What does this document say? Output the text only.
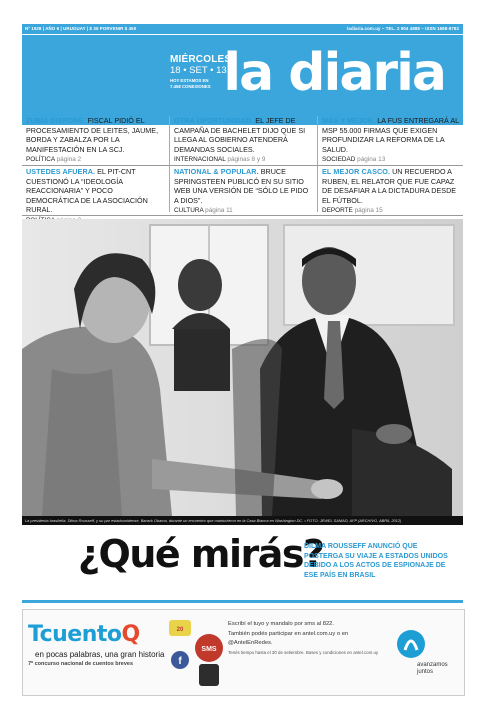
Nº 1928 | AÑO 6 | URUGUAY | $ 35 PORVENIR $ 450	ladiaria.com.uy – TEL. 2 904 4888 – ISSN 1688-8782
MIÉRCOLES
18 • SET • 13
HOY ESTAMOS EN
7.458 CONEXIONES la diaria
ZUBÍA DISPONE. FISCAL PIDIÓ EL PROCESAMIENTO DE LEITES, JAUME, BORDA Y ZABALZA POR LA MANIFESTACIÓN EN LA SCJ.
POLÍTICA página 2
OTRA OPORTUNIDAD. EL JEFE DE CAMPAÑA DE BACHELET DIJO QUE SI LLEGA AL GOBIERNO ATENDERÁ DEMANDAS SOCIALES.
INTERNACIONAL páginas 8 y 9
MÁS Y MEJOR. LA FUS ENTREGARÁ AL MSP 55.000 FIRMAS QUE EXIGEN PROFUNDIZAR LA REFORMA DE LA SALUD.
SOCIEDAD página 13
USTEDES AFUERA. EL PIT-CNT CUESTIONÓ LA “IDEOLOGÍA REACCIONARIA” Y POCO DEMOCRÁTICA DE LA ASOCIACIÓN RURAL.
NATIONAL & POPULAR. BRUCE SPRINGSTEEN PUBLICÓ EN SU SITIO WEB UNA VERSIÓN DE “SÓLO LE PIDO A DIOS”.
CULTURA página 11
EL MEJOR CASCO. UN RECUERDO A RUBEN, EL RELATOR QUE FUE CAPAZ DE DESAFIAR A LA DICTADURA DESDE EL FÚTBOL.
DEPORTE página 15
La presidenta brasileña, Dilma Rousseff, y su par estadounidense, Barack Obama, durante un encuentro que mantuvieron en la Casa Blanca en Washington DC. • FOTO: JEWEL SAMAD, AFP (ARCHIVO, ABRIL 2012)
¿Qué mirás?
DILMA ROUSSEFF ANUNCIÓ QUE POSTERGA SU VIAJE A ESTADOS UNIDOS DEBIDO A LOS ACTOS DE ESPIONAJE DE ESE PAÍS EN BRASIL
TcuentoQ
en pocas palabras, una gran historia
7º concurso nacional de cuentos breves
20
f
SMS
Escribí el tuyo y mandalo por sms al 822.
También podés participar en antel.com.uy o en @AntelEnRedes.
Tenés tiempo hasta el 30 de setiembre. Bases y condiciones en antel.com.uy
avanzamos juntos
